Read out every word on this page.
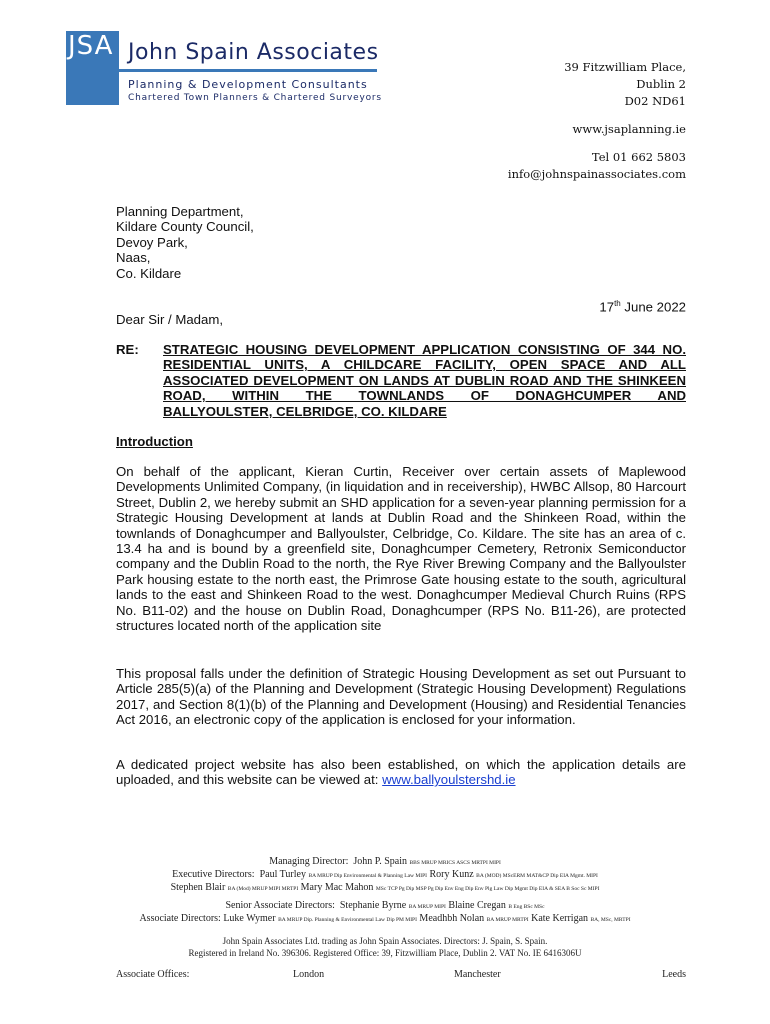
JSA John Spain Associates
Planning & Development Consultants
Chartered Town Planners & Chartered Surveyors
39 Fitzwilliam Place,
Dublin 2
D02 ND61
www.jsaplanning.ie
Tel 01 662 5803
info@johnspainassociates.com
Planning Department,
Kildare County Council,
Devoy Park,
Naas,
Co. Kildare
17th June 2022
Dear Sir / Madam,
RE: STRATEGIC HOUSING DEVELOPMENT APPLICATION CONSISTING OF 344 NO. RESIDENTIAL UNITS, A CHILDCARE FACILITY, OPEN SPACE AND ALL ASSOCIATED DEVELOPMENT ON LANDS AT DUBLIN ROAD AND THE SHINKEEN ROAD, WITHIN THE TOWNLANDS OF DONAGHCUMPER AND
BALLYOULSTER, CELBRIDGE, CO. KILDARE
Introduction
On behalf of the applicant, Kieran Curtin, Receiver over certain assets of Maplewood Developments Unlimited Company, (in liquidation and in receivership), HWBC Allsop, 80 Harcourt Street, Dublin 2, we hereby submit an SHD application for a seven-year planning permission for a Strategic Housing Development at lands at Dublin Road and the Shinkeen Road, within the townlands of Donaghcumper and Ballyoulster, Celbridge, Co. Kildare. The site has an area of c. 13.4 ha and is bound by a greenfield site, Donaghcumper Cemetery, Retronix Semiconductor company and the Dublin Road to the north, the Rye River Brewing Company and the Ballyoulster Park housing estate to the north east, the Primrose Gate housing estate to the south, agricultural lands to the east and Shinkeen Road to the west. Donaghcumper Medieval Church Ruins (RPS No. B11-02) and the house on Dublin Road, Donaghcumper (RPS No. B11-26), are protected structures located north of the application site
This proposal falls under the definition of Strategic Housing Development as set out Pursuant to Article 285(5)(a) of the Planning and Development (Strategic Housing Development) Regulations 2017, and Section 8(1)(b) of the Planning and Development (Housing) and Residential Tenancies Act 2016, an electronic copy of the application is enclosed for your information.
A dedicated project website has also been established, on which the application details are uploaded, and this website can be viewed at: www.ballyoulstershd.ie
Managing Director: John P. Spain BBS MRUP MRICS ASCS MRTPI MIPI
Executive Directors: Paul Turley BA MRUP Dip Environmental & Planning Law MIPI Rory Kunz BA (MOD) MScERM MAT&CP Dip EIA Mgmt. MIPI
Stephen Blair BA (Mod) MRUP MIPI MRTPI Mary Mac Mahon MSc TCP Pg Dip MSP Pg Dip Env Eng Dip Env Plg Law Dip Mgmt Dip EIA & SEA B Soc Sc MIPI
Senior Associate Directors: Stephanie Byrne BA MRUP MIPI Blaine Cregan B Eng BSc MSc
Associate Directors: Luke Wymer BA MRUP Dip. Planning & Environmental Law Dip PM MIPI Meadhbh Nolan BA MRUP MRTPI Kate Kerrigan BA, MSc, MRTPI
John Spain Associates Ltd. trading as John Spain Associates. Directors: J. Spain, S. Spain.
Registered in Ireland No. 396306. Registered Office: 39, Fitzwilliam Place, Dublin 2. VAT No. IE 6416306U
Associate Offices:	London	Manchester	Leeds
